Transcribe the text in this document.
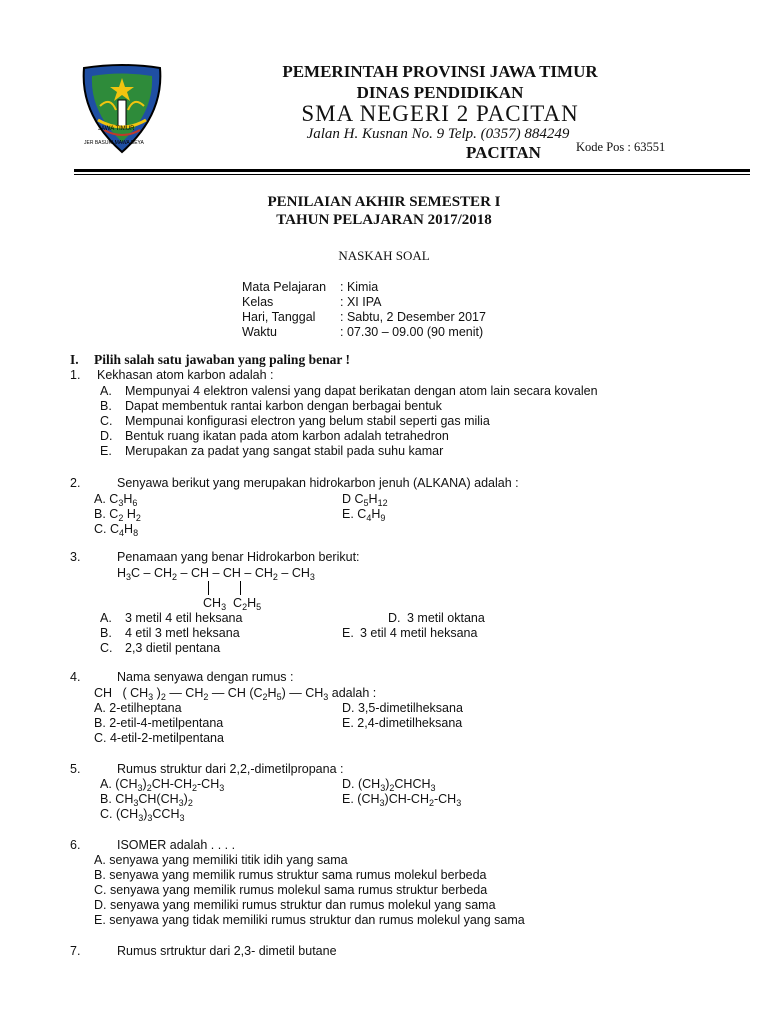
JAWA TIMUR
JER BASUKI MAWA BEYA
PEMERINTAH PROVINSI JAWA TIMUR
DINAS PENDIDIKAN
SMA NEGERI 2 PACITAN
Jalan H. Kusnan No. 9 Telp. (0357) 884249
PACITAN	Kode Pos : 63551
PENILAIAN AKHIR SEMESTER I
TAHUN PELAJARAN 2017/2018
NASKAH SOAL
Mata Pelajaran : Kimia
Kelas	: XI IPA
Hari, Tanggal : Sabtu, 2 Desember 2017
Waktu	: 07.30 – 09.00 (90 menit)
I. Pilih salah satu jawaban yang paling benar !
1. Kekhasan atom karbon adalah :
A. Mempunyai 4 elektron valensi yang dapat berikatan dengan atom lain secara kovalen
B. Dapat membentuk rantai karbon dengan berbagai bentuk
C. Mempunai konfigurasi electron yang belum stabil seperti gas milia
D. Bentuk ruang ikatan pada atom karbon adalah tetrahedron
E. Merupakan za padat yang sangat stabil pada suhu kamar
2.	Senyawa berikut yang merupakan hidrokarbon jenuh (ALKANA) adalah :
A. $C_3H_6$	D $C_5H_{12}$
B. $C_2$ $H_2$	E. $C_4H_9$
C. $C_4H_8$
3.	Penamaan yang benar Hidrokarbon berikut:
$H_3C - CH_2$ – CH – CH – $CH_2 - CH_3$
$CH_3$  $C_2H_5$
A. 3 metil 4 etil heksana	D. 3 metil oktana
B. 4 etil 3 metl heksana	E. 3 etil 4 metil heksana
C. 2,3 dietil pentana
4.	Nama senyawa dengan rumus :
CH   ( $CH_3$ )$_2$ — $CH_2$ — CH $(C_2H_5)$ — $CH_3$ adalah :
A. 2-etilheptana	D. 3,5-dimetilheksana
B. 2-etil-4-metilpentana	E. 2,4-dimetilheksana
C. 4-etil-2-metilpentana
5.	Rumus struktur dari 2,2,-dimetilpropana :
A. $(CH_3)_2CH-CH_2-CH_3$	D. $(CH_3)_2CHCH_3$
B. $CH_3CH(CH_3)_2$	E. $(CH_3)CH-CH_2-CH_3$
C. $(CH_3)_3CCH_3$
6.	ISOMER adalah . . . .
A. senyawa yang memiliki titik idih yang sama
B. senyawa yang memilik rumus struktur sama rumus molekul berbeda
C. senyawa yang memilik rumus molekul sama rumus struktur berbeda
D. senyawa yang memiliki rumus struktur dan rumus molekul yang sama
E. senyawa yang tidak memiliki rumus struktur dan rumus molekul yang sama
7.	Rumus srtruktur dari 2,3- dimetil butane
